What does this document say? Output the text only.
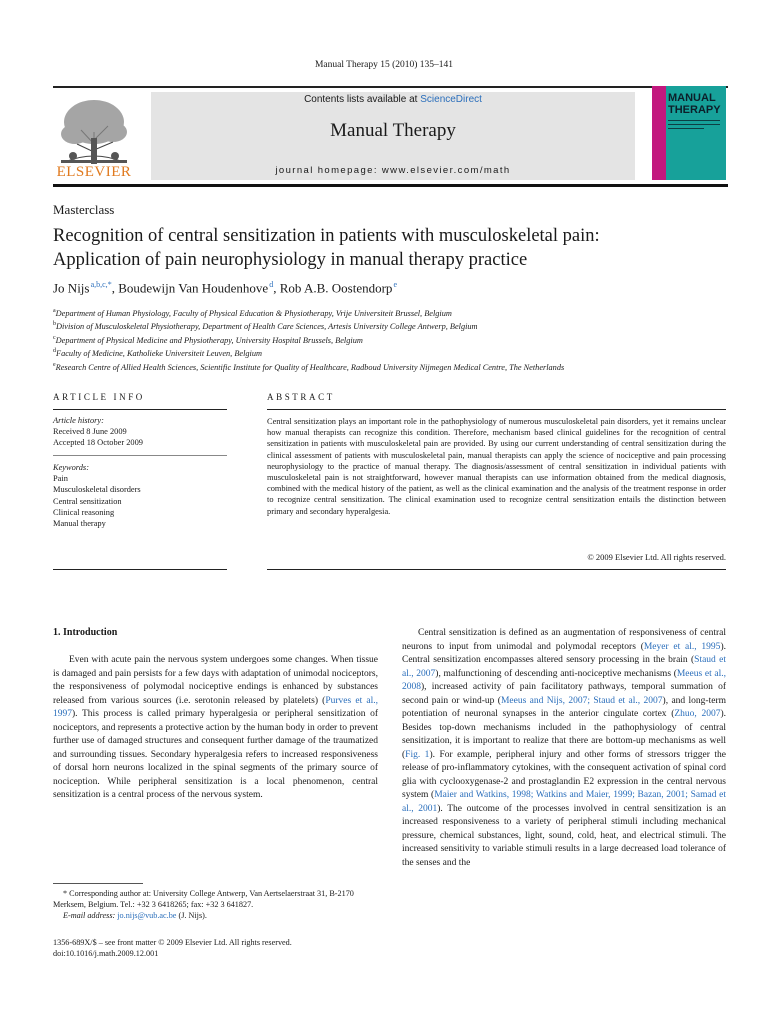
Manual Therapy 15 (2010) 135–141
ELSEVIER
Contents lists available at ScienceDirect
Manual Therapy
journal homepage: www.elsevier.com/math
MANUAL
THERAPY
Masterclass
Recognition of central sensitization in patients with musculoskeletal pain:
Application of pain neurophysiology in manual therapy practice
Jo Nijs $^{a,b,c,*}$, Boudewijn Van Houdenhove $^d$, Rob A.B. Oostendorp $^e$
$^a$Department of Human Physiology, Faculty of Physical Education & Physiotherapy, Vrije Universiteit Brussel, Belgium
$^b$Division of Musculoskeletal Physiotherapy, Department of Health Care Sciences, Artesis University College Antwerp, Belgium
$^c$Department of Physical Medicine and Physiotherapy, University Hospital Brussels, Belgium
$^d$Faculty of Medicine, Katholieke Universiteit Leuven, Belgium
$^e$Research Centre of Allied Health Sciences, Scientific Institute for Quality of Healthcare, Radboud University Nijmegen Medical Centre, The Netherlands
ARTICLE INFO
Article history:
Received 8 June 2009
Accepted 18 October 2009
Keywords:
Pain
Musculoskeletal disorders
Central sensitization
Clinical reasoning
Manual therapy
ABSTRACT
Central sensitization plays an important role in the pathophysiology of numerous musculoskeletal pain disorders, yet it remains unclear how manual therapists can recognize this condition. Therefore, mechanism based clinical guidelines for the recognition of central sensitization in patients with musculoskeletal pain are provided. By using our current understanding of central sensitization during the clinical assessment of patients with musculoskeletal pain, manual therapists can apply the science of nociceptive and pain processing neurophysiology to the practice of manual therapy. The diagnosis/assessment of central sensitization in individual patients with musculoskeletal pain is not straightforward, however manual therapists can use information obtained from the medical diagnosis, combined with the medical history of the patient, as well as the clinical examination and the analysis of the treatment response in order to recognize central sensitization. The clinical examination used to recognize central sensitization entails the distinction between primary and secondary hyperalgesia.
© 2009 Elsevier Ltd. All rights reserved.
1. Introduction
Even with acute pain the nervous system undergoes some changes. When tissue is damaged and pain persists for a few days with adaptation of unimodal nociceptors, the responsiveness of polymodal nociceptive endings is enhanced by substances released from various sources (i.e. serotonin released by platelets) (Purves et al., 1997). This process is called primary hyperalgesia or peripheral sensitization of nociceptors, and represents a protective action by the human body in order to prevent further use of damaged structures and consequent further damage of the traumatized and surrounding tissues. Secondary hyperalgesia refers to increased responsiveness of dorsal horn neurons localized in the spinal segments of the primary source of nociception. While peripheral sensitization is a local phenomenon, central sensitization is a central process of the nervous system.
Central sensitization is defined as an augmentation of responsiveness of central neurons to input from unimodal and polymodal receptors (Meyer et al., 1995). Central sensitization encompasses altered sensory processing in the brain (Staud et al., 2007), malfunctioning of descending anti-nociceptive mechanisms (Meeus et al., 2008), increased activity of pain facilitatory pathways, temporal summation of second pain or wind-up (Meeus and Nijs, 2007; Staud et al., 2007), and long-term potentiation of neuronal synapses in the anterior cingulate cortex (Zhuo, 2007). Besides top-down mechanisms included in the pathophysiology of central sensitization, it is important to realize that there are bottom-up mechanisms as well (Fig. 1). For example, peripheral injury and other forms of stressors trigger the release of pro-inflammatory cytokines, with the consequent activation of spinal cord glia with cyclooxygenase-2 and prostaglandin E2 expression in the central nervous system (Maier and Watkins, 1998; Watkins and Maier, 1999; Bazan, 2001; Samad et al., 2001). The outcome of the processes involved in central sensitization is an increased responsiveness to a variety of peripheral stimuli including mechanical pressure, chemical substances, light, sound, cold, heat, and electrical stimuli. The increased sensitivity to variable stimuli results in a large decreased load tolerance of the senses and the
* Corresponding author at: University College Antwerp, Van Aertselaerstraat 31, B-2170 Merksem, Belgium. Tel.: +32 3 6418265; fax: +32 3 641827.
E-mail address: jo.nijs@vub.ac.be (J. Nijs).
1356-689X/$ – see front matter © 2009 Elsevier Ltd. All rights reserved.
doi:10.1016/j.math.2009.12.001
